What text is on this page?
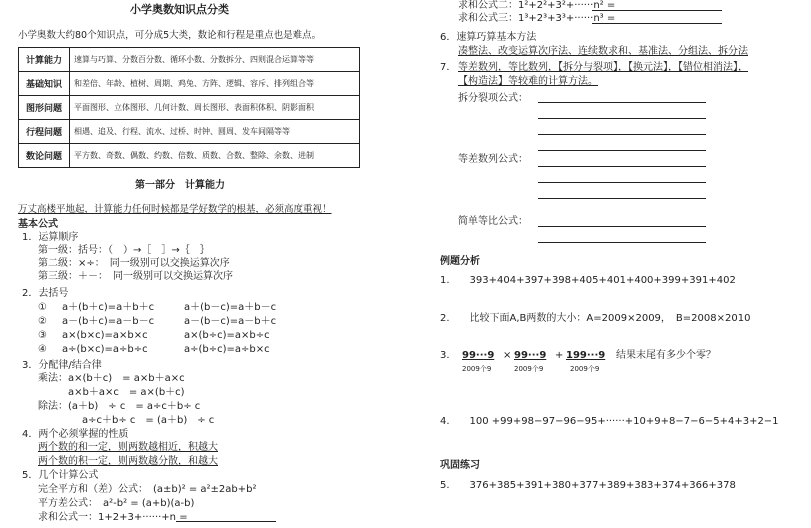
小学奥数知识点分类
小学奥数大约80个知识点，可分成5大类，数论和行程是重点也是难点。
计算能力	速算与巧算、分数百分数、循环小数、分数拆分、四则混合运算等等
基础知识	和差倍、年龄、植树、周期、鸡兔、方阵、逻辑、容斥、排列组合等
图形问题	平面图形、立体图形、几何计数、周长图形、表面积体积、阴影面积
行程问题	相遇、追及、行程、流水、过桥、时钟、圆周、发车间隔等等
数论问题	平方数、奇数、偶数、约数、倍数、质数、合数、整除、余数、进制
第一部分　计算能力
万丈高楼平地起，计算能力任何时候都是学好数学的根基，必须高度重视！
基本公式
1．运算顺序
第一级：括号：（　）→［　］→｛　｝
第二级：×÷：　同一级别可以交换运算次序
第三级：＋－：　同一级别可以交换运算次序
2．去括号
① a＋(b＋c)=a＋b＋c	a＋(b－c)=a＋b－c
② a－(b＋c)=a－b－c	a－(b－c)=a－b＋c
③ a×(b×c)=a×b×c	a×(b÷c)=a×b÷c
④ a÷(b×c)=a÷b÷c	a÷(b÷c)=a÷b×c
3．分配律/结合律
乘法： a×(b＋c)　= a×b＋a×c
a×b＋a×c　= a×(b＋c)
除法： (a＋b)　÷ c　= a÷c＋b÷ c
a÷c＋b÷ c　= (a＋b)　÷ c
4．两个必须掌握的性质
两个数的和一定，则两数越相近，积越大
两个数的积一定，则两数越分散，和越大
5．几个计算公式
完全平方和（差）公式：　(a±b)² = a²±2ab+b²
平方差公式：　a²-b² = (a+b)(a-b)
求和公式一：1+2+3+······+n =
求和公式二：1²+2²+3²+······n² =
求和公式三：1³+2³+3³+······n³ =
6．速算巧算基本方法
凑整法、改变运算次序法、连续数求和、基准法、分组法、拆分法
7． 等差数列，等比数列，【拆分与裂项】，【换元法】，【错位相消法】，
【构造法】等较难的计算方法。
拆分裂项公式：
等差数列公式：
简单等比公式：
例题分析
1.　　393+404+397+398+405+401+400+399+391+402
2.　　比较下面A,B两数的大小：A=2009×2009，　B=2008×2010
3. 99···9 × 99···9 + 199···9
2009个9	2009个9	2009个9
结果末尾有多少个零？
4.　　100 +99+98−97−96−95+······+10+9+8−7−6−5+4+3+2−1
巩固练习
5.　　376+385+391+380+377+389+383+374+366+378
